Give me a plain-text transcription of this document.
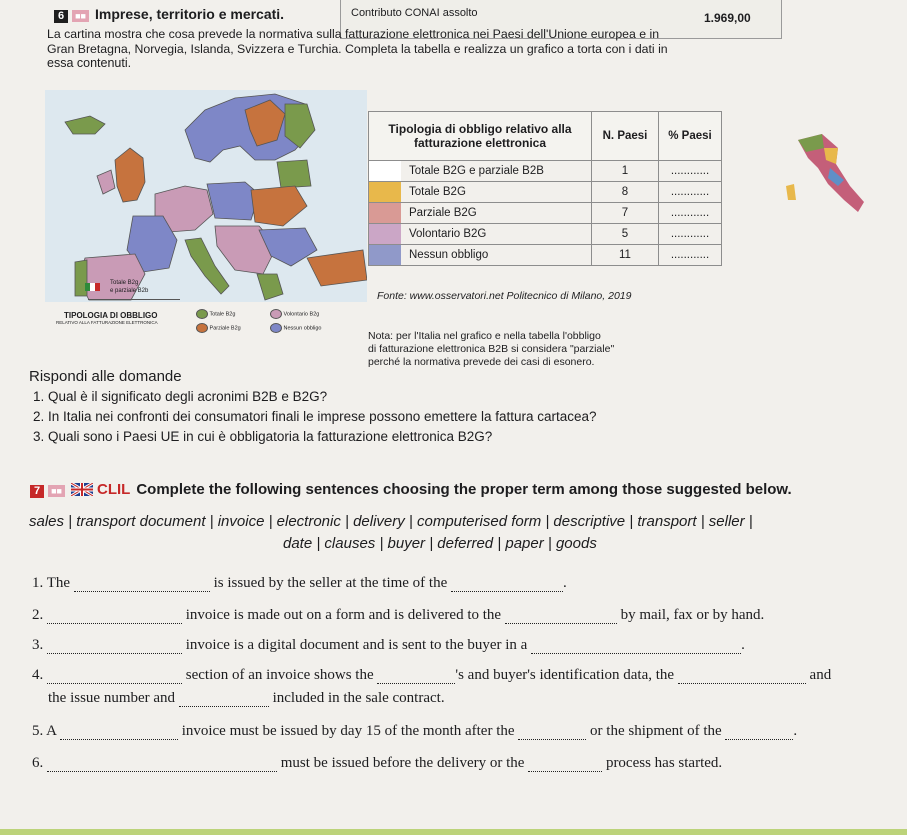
Contributo CONAI assolto	1.969,00
6 ■■ Imprese, territorio e mercati.
La cartina mostra che cosa prevede la normativa sulla fatturazione elettronica nei Paesi dell'Unione europea e in
Gran Bretagna, Norvegia, Islanda, Svizzera e Turchia. Completa la tabella e realizza un grafico a torta con i dati in
essa contenuti.
Totale B2g
e parziale B2b
TIPOLOGIA DI OBBLIGO
RELATIVO ALLA FATTURAZIONE ELETTRONICA
Totale B2g	Volontario B2g
Parziale B2g	Nessun obbligo
Tipologia di obbligo relativo alla fatturazione elettronica	N. Paesi	% Paesi

Totale B2G e parziale B2B	1	............

Totale B2G	8	............

Parziale B2G	7	............

Volontario B2G	5	............

Nessun obbligo	11	............
Fonte: www.osservatori.net Politecnico di Milano, 2019
Nota: per l'Italia nel grafico e nella tabella l'obbligo
di fatturazione elettronica B2B si considera "parziale"
perché la normativa prevede dei casi di esonero.
Rispondi alle domande
1. Qual è il significato degli acronimi B2B e B2G?
2. In Italia nei confronti dei consumatori finali le imprese possono emettere la fattura cartacea?
3. Quali sono i Paesi UE in cui è obbligatoria la fatturazione elettronica B2G?
7 ■■ CLIL Complete the following sentences choosing the proper term among those suggested below.
sales | transport document | invoice | electronic | delivery | computerised form | descriptive | transport | seller |
date | clauses | buyer | deferred | paper | goods
1. The	is issued by the seller at the time of the	.
2.	invoice is made out on a form and is delivered to the	by mail, fax or by hand.
3.	invoice is a digital document and is sent to the buyer in a	.
4.	section of an invoice shows the	's and buyer's identification data, the	and
the issue number and	included in the sale contract.
5. A	invoice must be issued by day 15 of the month after the	or the shipment of the	.
6.	must be issued before the delivery or the	process has started.
